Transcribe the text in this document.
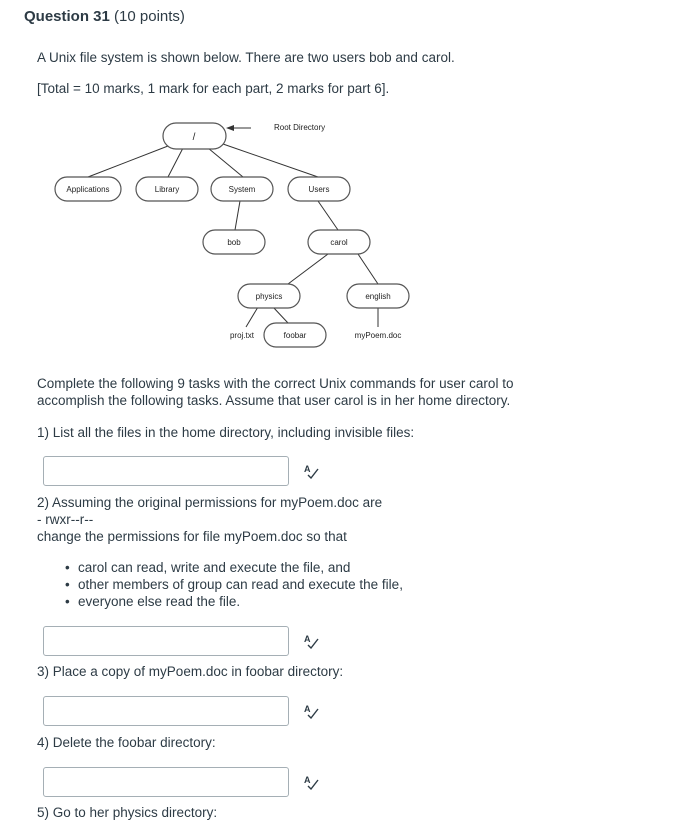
Question 31 (10 points)
A Unix file system is shown below. There are two users bob and carol.
[Total = 10 marks, 1 mark for each part, 2 marks for part 6].
/
Root Directory
Applications	Library	System	Users
bob	carol
physics	english
proj.txt	foobar	myPoem.doc
Complete the following 9 tasks with the correct Unix commands for user carol to
accomplish the following tasks. Assume that user carol is in her home directory.
1) List all the files in the home directory, including invisible files:
A
2) Assuming the original permissions for myPoem.doc are
- rwxr--r--
change the permissions for file myPoem.doc so that
• carol can read, write and execute the file, and
• other members of group can read and execute the file,
• everyone else read the file.
A
3) Place a copy of myPoem.doc in foobar directory:
A
4) Delete the foobar directory:
A
5) Go to her physics directory:
